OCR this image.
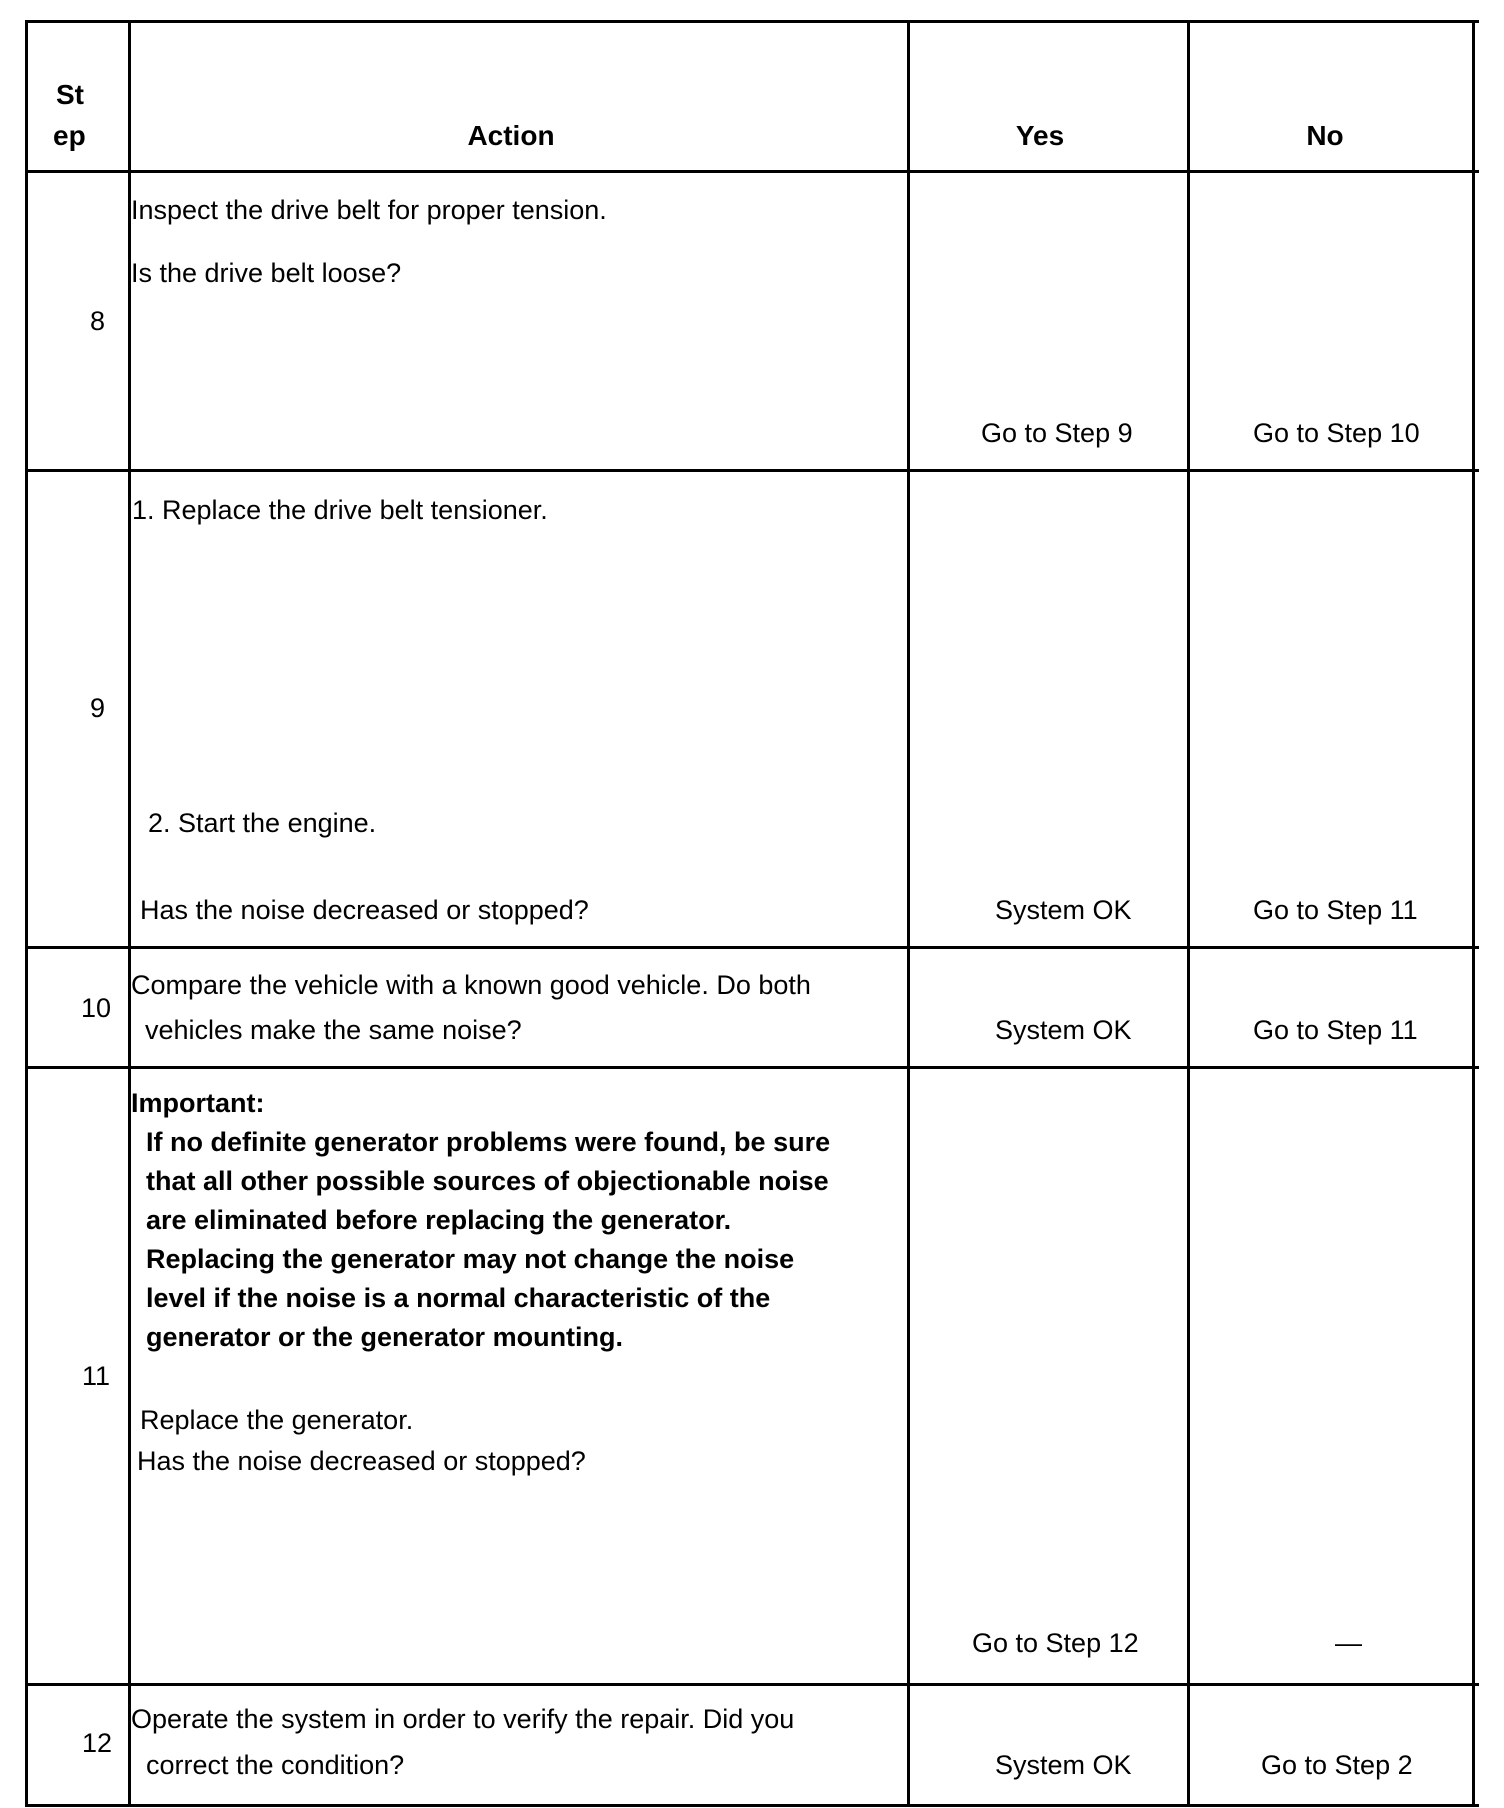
St
ep	Action	Yes	No
8
Inspect the drive belt for proper tension.
Is the drive belt loose?
Go to Step 9	Go to Step 10
9
1. Replace the drive belt tensioner.
2. Start the engine.
Has the noise decreased or stopped?	System OK	Go to Step 11
10
Compare the vehicle with a known good vehicle. Do both
vehicles make the same noise?	System OK	Go to Step 11
11
Important:
If no definite generator problems were found, be sure
that all other possible sources of objectionable noise
are eliminated before replacing the generator.
Replacing the generator may not change the noise
level if the noise is a normal characteristic of the
generator or the generator mounting.
Replace the generator.
Has the noise decreased or stopped?
Go to Step 12	—
12
Operate the system in order to verify the repair. Did you
correct the condition?	System OK	Go to Step 2
